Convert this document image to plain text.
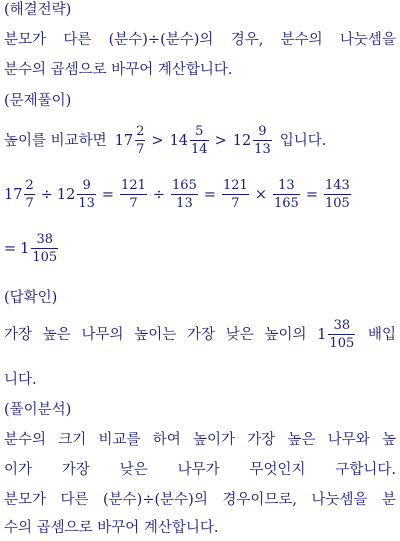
(해결전략)
분모가 다른 (분수)÷(분수)의 경우, 분수의 나눗셈을
분수의 곱셈으로 바꾸어 계산합니다.
(문제풀이)
높이를 비교하면 $17 \frac{2}{7} > 14 \frac{5}{14} > 12 \frac{9}{13}$ 입니다.
$17 \frac{2}{7} \div 12 \frac{9}{13} = \frac{121}{7} \div \frac{165}{13} = \frac{121}{7} \times \frac{13}{165} = \frac{143}{105}$
= $1 \frac{38}{105}$
(답확인)
가장 높은 나무의 높이는 가장 낮은 높이의 $1 \frac{38}{105}$ 배입
니다.
(풀이분석)
분수의 크기 비교를 하여 높이가 가장 높은 나무와 높
이가 가장 낮은 나무가 무엇인지 구합니다.
분모가 다른 (분수)÷(분수)의 경우이므로, 나눗셈을 분
수의 곱셈으로 바꾸어 계산합니다.
